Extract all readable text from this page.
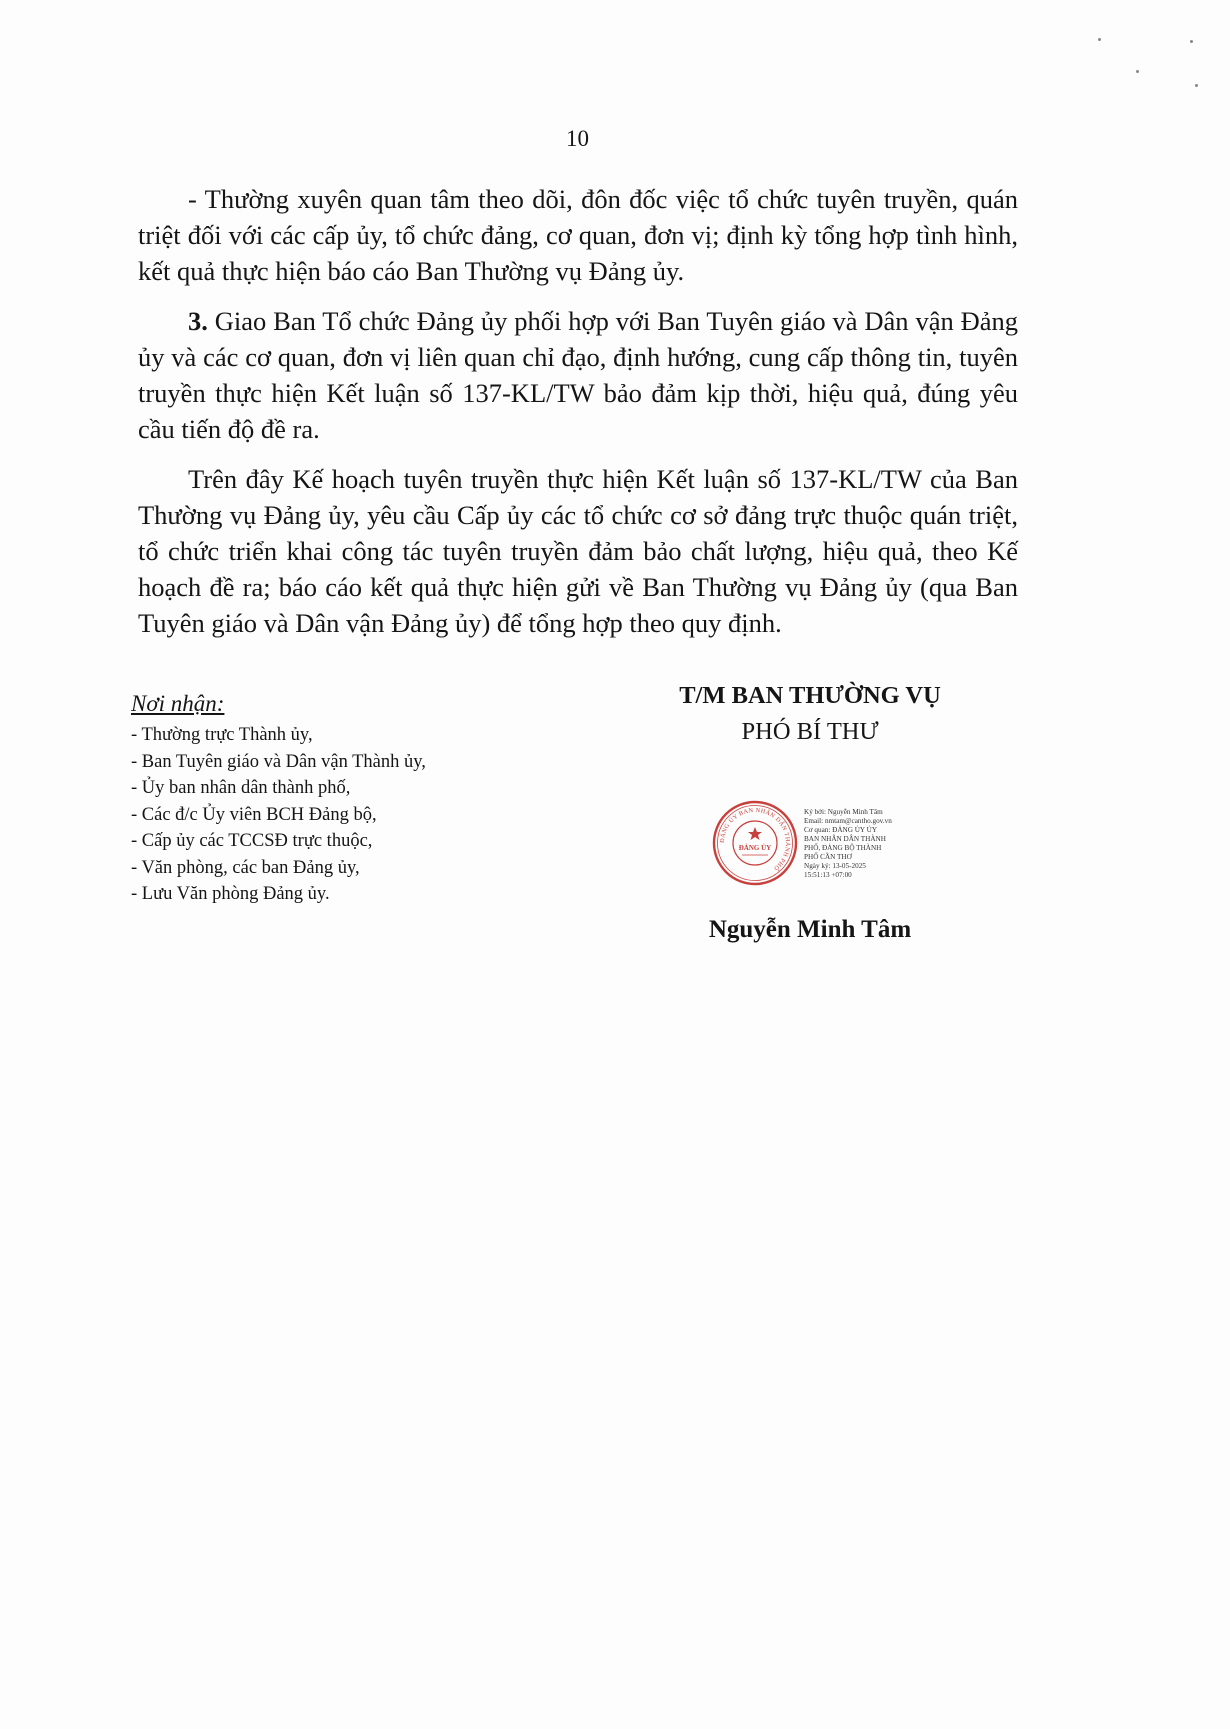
10

- Thường xuyên quan tâm theo dõi, đôn đốc việc tổ chức tuyên truyền, quán triệt đối với các cấp ủy, tổ chức đảng, cơ quan, đơn vị; định kỳ tổng hợp tình hình, kết quả thực hiện báo cáo Ban Thường vụ Đảng ủy.

3. Giao Ban Tổ chức Đảng ủy phối hợp với Ban Tuyên giáo và Dân vận Đảng ủy và các cơ quan, đơn vị liên quan chỉ đạo, định hướng, cung cấp thông tin, tuyên truyền thực hiện Kết luận số 137-KL/TW bảo đảm kịp thời, hiệu quả, đúng yêu cầu tiến độ đề ra.

Trên đây Kế hoạch tuyên truyền thực hiện Kết luận số 137-KL/TW của Ban Thường vụ Đảng ủy, yêu cầu Cấp ủy các tổ chức cơ sở đảng trực thuộc quán triệt, tổ chức triển khai công tác tuyên truyền đảm bảo chất lượng, hiệu quả, theo Kế hoạch đề ra; báo cáo kết quả thực hiện gửi về Ban Thường vụ Đảng ủy (qua Ban Tuyên giáo và Dân vận Đảng ủy) để tổng hợp theo quy định.

Nơi nhận:
- Thường trực Thành ủy,
- Ban Tuyên giáo và Dân vận Thành ủy,
- Ủy ban nhân dân thành phố,
- Các đ/c Ủy viên BCH Đảng bộ,
- Cấp ủy các TCCSĐ trực thuộc,
- Văn phòng, các ban Đảng ủy,
- Lưu Văn phòng Đảng ủy.
T/M BAN THƯỜNG VỤ
PHÓ BÍ THƯ
ĐẢNG ỦY BAN NHÂN DÂN THÀNH PHỐ
ĐẢNG ỦY
Ký bởi: Nguyễn Minh Tâm
Email: nmtam@cantho.gov.vn
Cơ quan: ĐẢNG ỦY ỦY
BAN NHÂN DÂN THÀNH
PHỐ, ĐẢNG BỘ THÀNH
PHỐ CẦN THƠ
Ngày ký: 13-05-2025
15:51:13 +07:00
Nguyễn Minh Tâm
